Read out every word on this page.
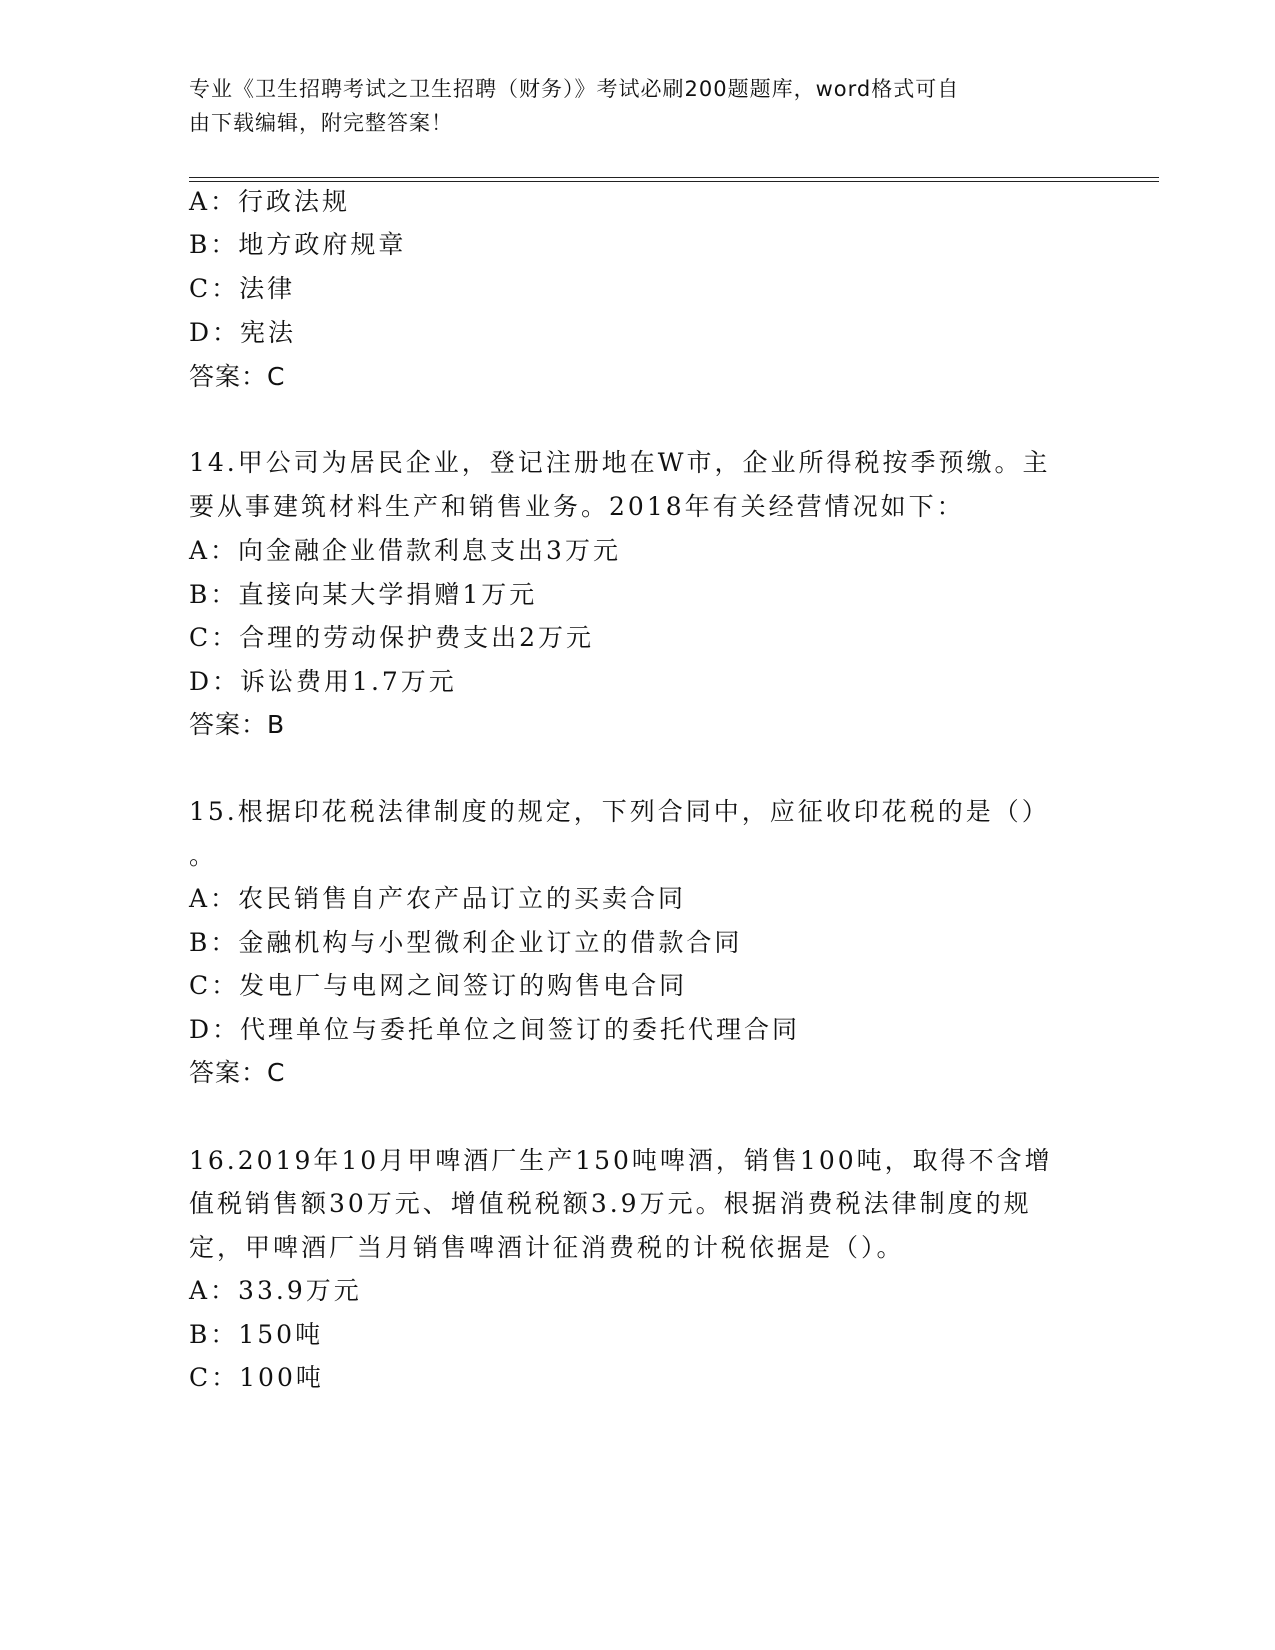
专业《卫生招聘考试之卫生招聘（财务）》考试必刷200题题库，word格式可自
由下载编辑，附完整答案！
A：行政法规
B：地方政府规章
C：法律
D：宪法
答案：C
14.甲公司为居民企业，登记注册地在W市，企业所得税按季预缴。主
要从事建筑材料生产和销售业务。2018年有关经营情况如下：
A：向金融企业借款利息支出3万元
B：直接向某大学捐赠1万元
C：合理的劳动保护费支出2万元
D：诉讼费用1.7万元
答案：B
15.根据印花税法律制度的规定，下列合同中，应征收印花税的是（）
。
A：农民销售自产农产品订立的买卖合同
B：金融机构与小型微利企业订立的借款合同
C：发电厂与电网之间签订的购售电合同
D：代理单位与委托单位之间签订的委托代理合同
答案：C
16.2019年10月甲啤酒厂生产150吨啤酒，销售100吨，取得不含增
值税销售额30万元、增值税税额3.9万元。根据消费税法律制度的规
定，甲啤酒厂当月销售啤酒计征消费税的计税依据是（）。
A：33.9万元
B：150吨
C：100吨
